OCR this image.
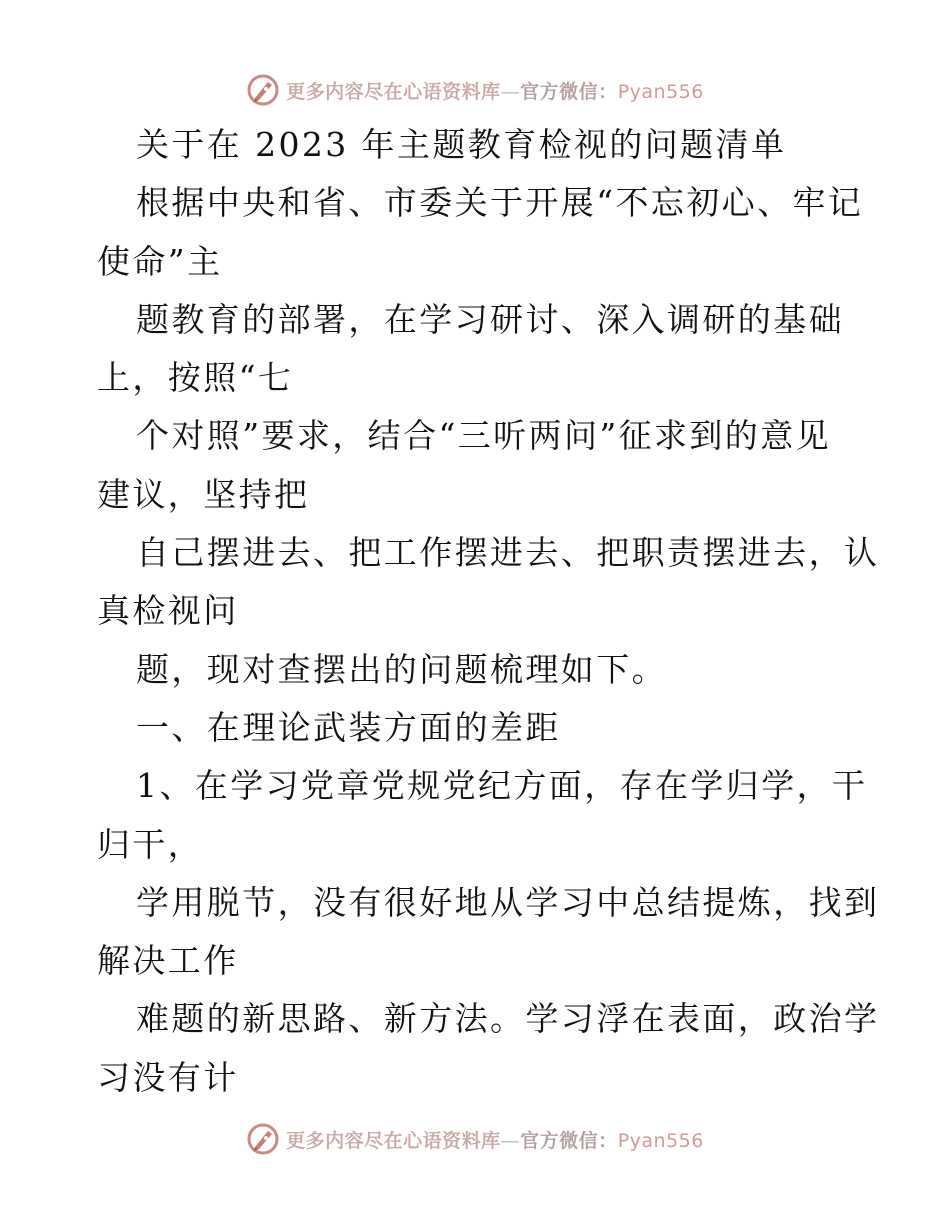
更多内容尽在心语资料库—官方微信：Pyan556
关于在 2023 年主题教育检视的问题清单
根据中央和省、市委关于开展“不忘初心、牢记
使命”主
题教育的部署，在学习研讨、深入调研的基础
上，按照“七
个对照”要求，结合“三听两问”征求到的意见
建议，坚持把
自己摆进去、把工作摆进去、把职责摆进去，认
真检视问
题，现对查摆出的问题梳理如下。
一、在理论武装方面的差距
1、在学习党章党规党纪方面，存在学归学，干
归干，
学用脱节，没有很好地从学习中总结提炼，找到
解决工作
难题的新思路、新方法。学习浮在表面，政治学
习没有计
更多内容尽在心语资料库—官方微信：Pyan556
